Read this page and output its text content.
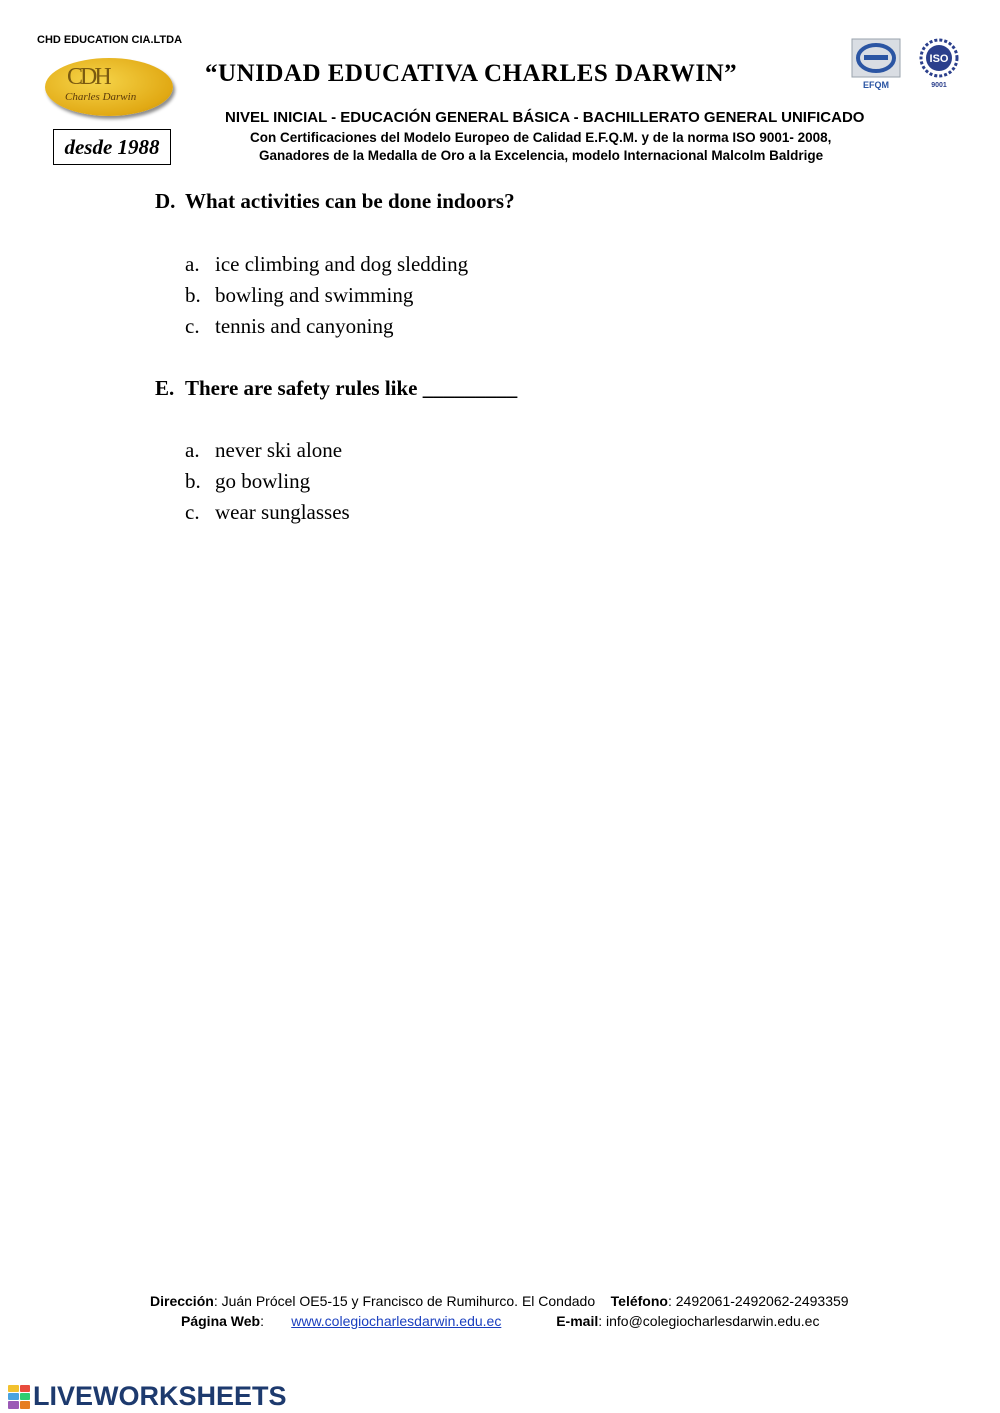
CHD EDUCATION CIA.LTDA
CDH
Charles Darwin
desde 1988
“UNIDAD EDUCATIVA CHARLES DARWIN”
NIVEL INICIAL - EDUCACIÓN GENERAL BÁSICA - BACHILLERATO GENERAL UNIFICADO
Con Certificaciones del Modelo Europeo de Calidad E.F.Q.M. y de la norma ISO 9001- 2008,
Ganadores de la Medalla de Oro a la Excelencia, modelo Internacional Malcolm Baldrige
EFQM
ISO
9001
D. What activities can be done indoors?
a. ice climbing and dog sledding
b. bowling and swimming
c. tennis and canyoning
E. There are safety rules like _________
a. never ski alone
b. go bowling
c. wear sunglasses
Dirección: Juán Prócel OE5-15 y Francisco de Rumihurco. El Condado Teléfono: 2492061-2492062-2493359
Página Web: www.colegiocharlesdarwin.edu.ec	E-mail: info@colegiocharlesdarwin.edu.ec
LIVEWORKSHEETS
